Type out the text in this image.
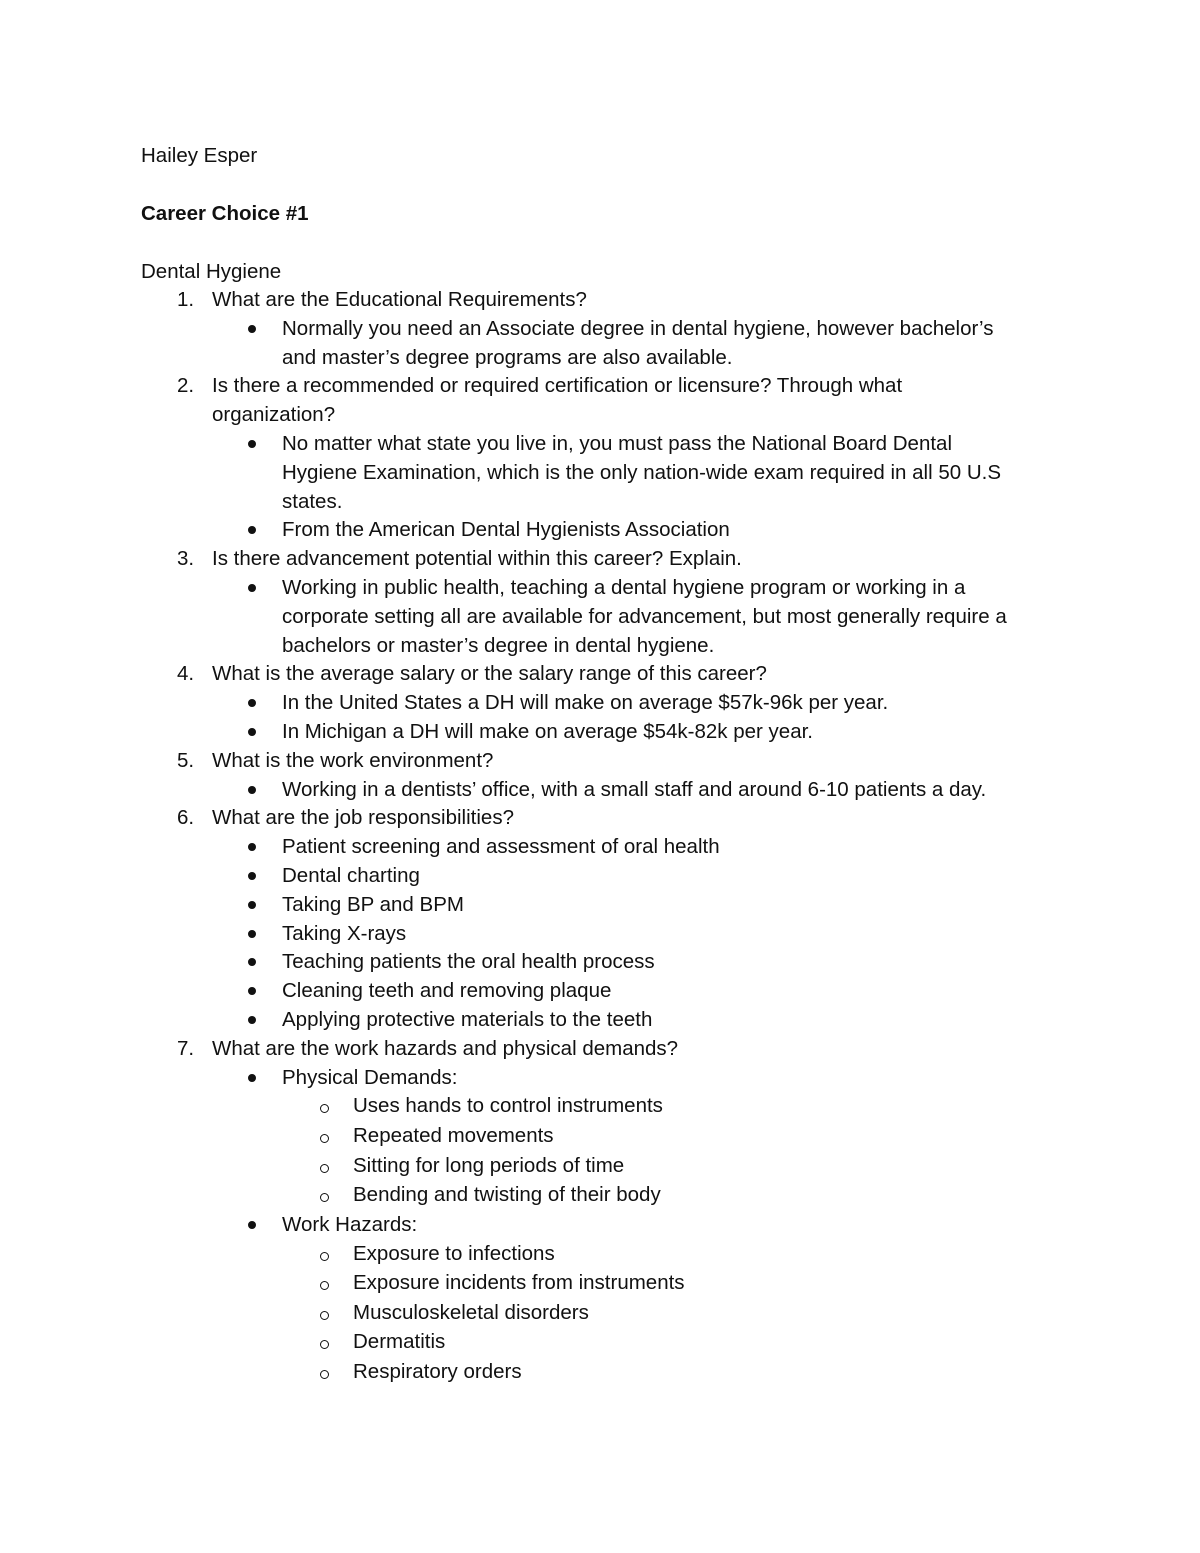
Hailey Esper
Career Choice #1
Dental Hygiene
1. What are the Educational Requirements?
Normally you need an Associate degree in dental hygiene, however bachelor’s
and master’s degree programs are also available.
2. Is there a recommended or required certification or licensure? Through what
organization?
No matter what state you live in, you must pass the National Board Dental
Hygiene Examination, which is the only nation-wide exam required in all 50 U.S
states.
From the American Dental Hygienists Association
3. Is there advancement potential within this career? Explain.
Working in public health, teaching a dental hygiene program or working in a
corporate setting all are available for advancement, but most generally require a
bachelors or master’s degree in dental hygiene.
4. What is the average salary or the salary range of this career?
In the United States a DH will make on average $57k-96k per year.
In Michigan a DH will make on average $54k-82k per year.
5. What is the work environment?
Working in a dentists’ office, with a small staff and around 6-10 patients a day.
6. What are the job responsibilities?
Patient screening and assessment of oral health
Dental charting
Taking BP and BPM
Taking X-rays
Teaching patients the oral health process
Cleaning teeth and removing plaque
Applying protective materials to the teeth
7. What are the work hazards and physical demands?
Physical Demands:
Uses hands to control instruments
Repeated movements
Sitting for long periods of time
Bending and twisting of their body
Work Hazards:
Exposure to infections
Exposure incidents from instruments
Musculoskeletal disorders
Dermatitis
Respiratory orders
